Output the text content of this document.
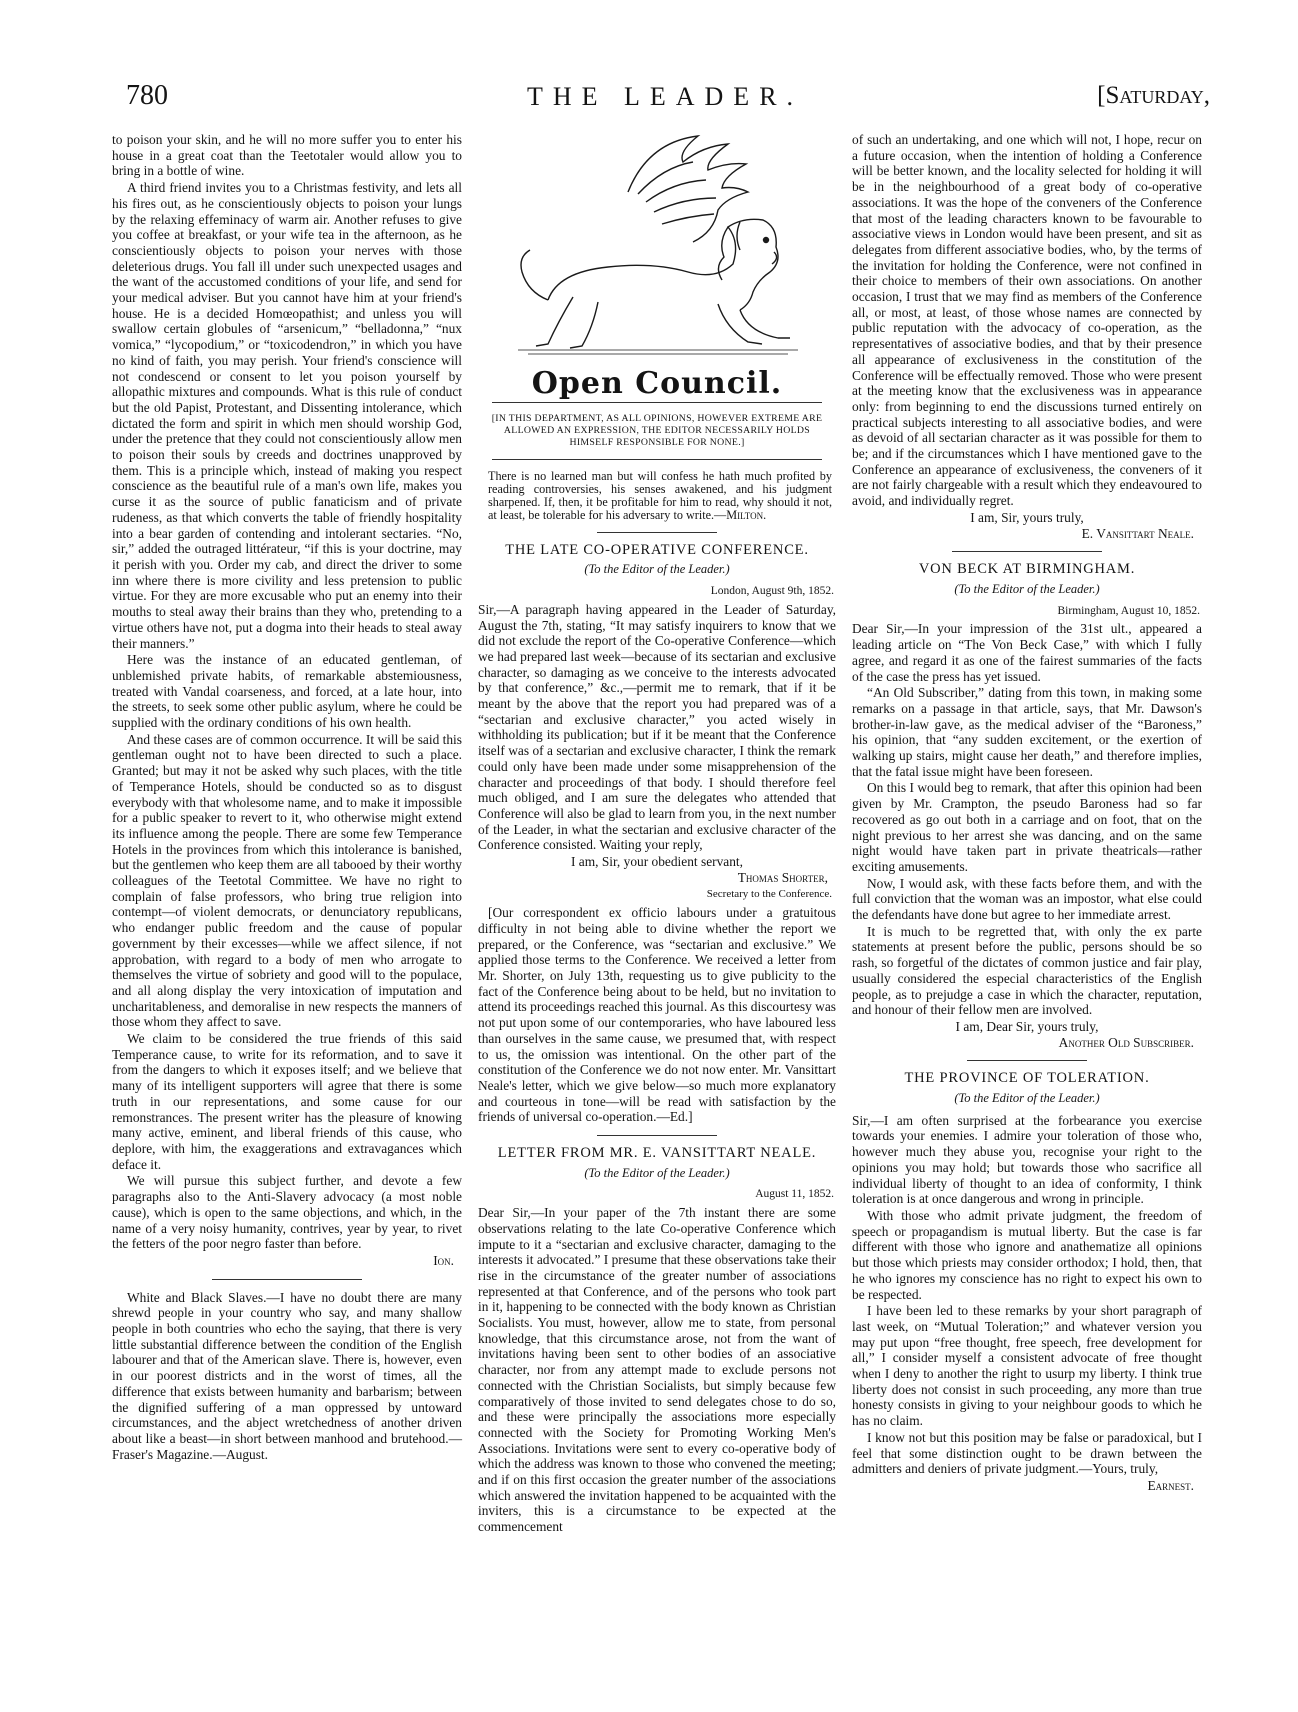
780	THE LEADER.	[Saturday,

to poison your skin, and he will no more suffer you to enter his house in a great coat than the Teetotaler would allow you to bring in a bottle of wine.

A third friend invites you to a Christmas festivity, and lets all his fires out, as he conscientiously objects to poison your lungs by the relaxing effeminacy of warm air. Another refuses to give you coffee at breakfast, or your wife tea in the afternoon, as he conscientiously objects to poison your nerves with those deleterious drugs. You fall ill under such unexpected usages and the want of the accustomed conditions of your life, and send for your medical adviser. But you cannot have him at your friend's house. He is a decided Homœopathist; and unless you will swallow certain globules of “arsenicum,” “belladonna,” “nux vomica,” “lycopodium,” or “toxicodendron,” in which you have no kind of faith, you may perish. Your friend's conscience will not condescend or consent to let you poison yourself by allopathic mixtures and compounds. What is this rule of conduct but the old Papist, Protestant, and Dissenting intolerance, which dictated the form and spirit in which men should worship God, under the pretence that they could not conscientiously allow men to poison their souls by creeds and doctrines unapproved by them. This is a principle which, instead of making you respect conscience as the beautiful rule of a man's own life, makes you curse it as the source of public fanaticism and of private rudeness, as that which converts the table of friendly hospitality into a bear garden of contending and intolerant sectaries. “No, sir,” added the outraged littérateur, “if this is your doctrine, may it perish with you. Order my cab, and direct the driver to some inn where there is more civility and less pretension to public virtue. For they are more excusable who put an enemy into their mouths to steal away their brains than they who, pretending to a virtue others have not, put a dogma into their heads to steal away their manners.”

Here was the instance of an educated gentleman, of unblemished private habits, of remarkable abstemiousness, treated with Vandal coarseness, and forced, at a late hour, into the streets, to seek some other public asylum, where he could be supplied with the ordinary conditions of his own health.

And these cases are of common occurrence. It will be said this gentleman ought not to have been directed to such a place. Granted; but may it not be asked why such places, with the title of Temperance Hotels, should be conducted so as to disgust everybody with that wholesome name, and to make it impossible for a public speaker to revert to it, who otherwise might extend its influence among the people. There are some few Temperance Hotels in the provinces from which this intolerance is banished, but the gentlemen who keep them are all tabooed by their worthy colleagues of the Teetotal Committee. We have no right to complain of false professors, who bring true religion into contempt—of violent democrats, or denunciatory republicans, who endanger public freedom and the cause of popular government by their excesses—while we affect silence, if not approbation, with regard to a body of men who arrogate to themselves the virtue of sobriety and good will to the populace, and all along display the very intoxication of imputation and uncharitableness, and demoralise in new respects the manners of those whom they affect to save.

We claim to be considered the true friends of this said Temperance cause, to write for its reformation, and to save it from the dangers to which it exposes itself; and we believe that many of its intelligent supporters will agree that there is some truth in our representations, and some cause for our remonstrances. The present writer has the pleasure of knowing many active, eminent, and liberal friends of this cause, who deplore, with him, the exaggerations and extravagances which deface it.

We will pursue this subject further, and devote a few paragraphs also to the Anti-Slavery advocacy (a most noble cause), which is open to the same objections, and which, in the name of a very noisy humanity, contrives, year by year, to rivet the fetters of the poor negro faster than before.

Ion.

White and Black Slaves.—I have no doubt there are many shrewd people in your country who say, and many shallow people in both countries who echo the saying, that there is very little substantial difference between the condition of the English labourer and that of the American slave. There is, however, even in our poorest districts and in the worst of times, all the difference that exists between humanity and barbarism; between the dignified suffering of a man oppressed by untoward circumstances, and the abject wretchedness of another driven about like a beast—in short between manhood and brutehood.—Fraser's Magazine.—August.

Open Council.
[IN THIS DEPARTMENT, AS ALL OPINIONS, HOWEVER EXTREME ARE ALLOWED AN EXPRESSION, THE EDITOR NECESSARILY HOLDS HIMSELF RESPONSIBLE FOR NONE.]
There is no learned man but will confess he hath much profited by reading controversies, his senses awakened, and his judgment sharpened. If, then, it be profitable for him to read, why should it not, at least, be tolerable for his adversary to write.—Milton.
THE LATE CO-OPERATIVE CONFERENCE.
(To the Editor of the Leader.)
London, August 9th, 1852.

Sir,—A paragraph having appeared in the Leader of Saturday, August the 7th, stating, “It may satisfy inquirers to know that we did not exclude the report of the Co-operative Conference—which we had prepared last week—because of its sectarian and exclusive character, so damaging as we conceive to the interests advocated by that conference,” &c.,—permit me to remark, that if it be meant by the above that the report you had prepared was of a “sectarian and exclusive character,” you acted wisely in withholding its publication; but if it be meant that the Conference itself was of a sectarian and exclusive character, I think the remark could only have been made under some misapprehension of the character and proceedings of that body. I should therefore feel much obliged, and I am sure the delegates who attended that Conference will also be glad to learn from you, in the next number of the Leader, in what the sectarian and exclusive character of the Conference consisted. Waiting your reply,

I am, Sir, your obedient servant,
Thomas Shorter,
Secretary to the Conference.

[Our correspondent ex officio labours under a gratuitous difficulty in not being able to divine whether the report we prepared, or the Conference, was “sectarian and exclusive.” We applied those terms to the Conference. We received a letter from Mr. Shorter, on July 13th, requesting us to give publicity to the fact of the Conference being about to be held, but no invitation to attend its proceedings reached this journal. As this discourtesy was not put upon some of our contemporaries, who have laboured less than ourselves in the same cause, we presumed that, with respect to us, the omission was intentional. On the other part of the constitution of the Conference we do not now enter. Mr. Vansittart Neale's letter, which we give below—so much more explanatory and courteous in tone—will be read with satisfaction by the friends of universal co-operation.—Ed.]

LETTER FROM MR. E. VANSITTART NEALE.
(To the Editor of the Leader.)
August 11, 1852.

Dear Sir,—In your paper of the 7th instant there are some observations relating to the late Co-operative Conference which impute to it a “sectarian and exclusive character, damaging to the interests it advocated.” I presume that these observations take their rise in the circumstance of the greater number of associations represented at that Conference, and of the persons who took part in it, happening to be connected with the body known as Christian Socialists. You must, however, allow me to state, from personal knowledge, that this circumstance arose, not from the want of invitations having been sent to other bodies of an associative character, nor from any attempt made to exclude persons not connected with the Christian Socialists, but simply because few comparatively of those invited to send delegates chose to do so, and these were principally the associations more especially connected with the Society for Promoting Working Men's Associations. Invitations were sent to every co-operative body of which the address was known to those who convened the meeting; and if on this first occasion the greater number of the associations which answered the invitation happened to be acquainted with the inviters, this is a circumstance to be expected at the commencement

of such an undertaking, and one which will not, I hope, recur on a future occasion, when the intention of holding a Conference will be better known, and the locality selected for holding it will be in the neighbourhood of a great body of co-operative associations. It was the hope of the conveners of the Conference that most of the leading characters known to be favourable to associative views in London would have been present, and sit as delegates from different associative bodies, who, by the terms of the invitation for holding the Conference, were not confined in their choice to members of their own associations. On another occasion, I trust that we may find as members of the Conference all, or most, at least, of those whose names are connected by public reputation with the advocacy of co-operation, as the representatives of associative bodies, and that by their presence all appearance of exclusiveness in the constitution of the Conference will be effectually removed. Those who were present at the meeting know that the exclusiveness was in appearance only: from beginning to end the discussions turned entirely on practical subjects interesting to all associative bodies, and were as devoid of all sectarian character as it was possible for them to be; and if the circumstances which I have mentioned gave to the Conference an appearance of exclusiveness, the conveners of it are not fairly chargeable with a result which they endeavoured to avoid, and individually regret.

I am, Sir, yours truly,
E. Vansittart Neale.
VON BECK AT BIRMINGHAM.
(To the Editor of the Leader.)
Birmingham, August 10, 1852.

Dear Sir,—In your impression of the 31st ult., appeared a leading article on “The Von Beck Case,” with which I fully agree, and regard it as one of the fairest summaries of the facts of the case the press has yet issued.

“An Old Subscriber,” dating from this town, in making some remarks on a passage in that article, says, that Mr. Dawson's brother-in-law gave, as the medical adviser of the “Baroness,” his opinion, that “any sudden excitement, or the exertion of walking up stairs, might cause her death,” and therefore implies, that the fatal issue might have been foreseen.

On this I would beg to remark, that after this opinion had been given by Mr. Crampton, the pseudo Baroness had so far recovered as go out both in a carriage and on foot, that on the night previous to her arrest she was dancing, and on the same night would have taken part in private theatricals—rather exciting amusements.

Now, I would ask, with these facts before them, and with the full conviction that the woman was an impostor, what else could the defendants have done but agree to her immediate arrest.

It is much to be regretted that, with only the ex parte statements at present before the public, persons should be so rash, so forgetful of the dictates of common justice and fair play, usually considered the especial characteristics of the English people, as to prejudge a case in which the character, reputation, and honour of their fellow men are involved.

I am, Dear Sir, yours truly,
Another Old Subscriber.
THE PROVINCE OF TOLERATION.
(To the Editor of the Leader.)

Sir,—I am often surprised at the forbearance you exercise towards your enemies. I admire your toleration of those who, however much they abuse you, recognise your right to the opinions you may hold; but towards those who sacrifice all individual liberty of thought to an idea of conformity, I think toleration is at once dangerous and wrong in principle.

With those who admit private judgment, the freedom of speech or propagandism is mutual liberty. But the case is far different with those who ignore and anathematize all opinions but those which priests may consider orthodox; I hold, then, that he who ignores my conscience has no right to expect his own to be respected.

I have been led to these remarks by your short paragraph of last week, on “Mutual Toleration;” and whatever version you may put upon “free thought, free speech, free development for all,” I consider myself a consistent advocate of free thought when I deny to another the right to usurp my liberty. I think true liberty does not consist in such proceeding, any more than true honesty consists in giving to your neighbour goods to which he has no claim.

I know not but this position may be false or paradoxical, but I feel that some distinction ought to be drawn between the admitters and deniers of private judgment.—Yours, truly,

Earnest.
